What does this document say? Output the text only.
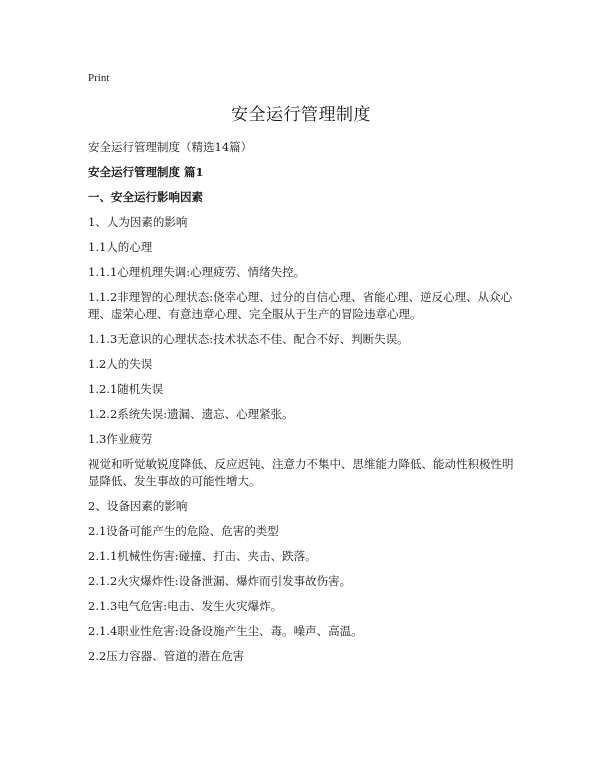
Print
安全运行管理制度

安全运行管理制度（精选14篇）

安全运行管理制度 篇1

一、安全运行影响因素

1、人为因素的影响

1.1人的心理

1.1.1心理机理失调:心理疲劳、情绪失控。

1.1.2非理智的心理状态:侥幸心理、过分的自信心理、省能心理、逆反心理、从众心理、虚荣心理、有意违章心理、完全服从于生产的冒险违章心理。

1.1.3无意识的心理状态:技术状态不佳、配合不好、判断失误。

1.2人的失误

1.2.1随机失误

1.2.2系统失误:遗漏、遗忘、心理紧张。

1.3作业疲劳

视觉和听觉敏锐度降低、反应迟钝、注意力不集中、思维能力降低、能动性积极性明显降低、发生事故的可能性增大。

2、设备因素的影响

2.1设备可能产生的危险、危害的类型

2.1.1机械性伤害:碰撞、打击、夹击、跌落。

2.1.2火灾爆炸性:设备泄漏、爆炸而引发事故伤害。

2.1.3电气危害:电击、发生火灾爆炸。

2.1.4职业性危害:设备设施产生尘、毒。噪声、高温。

2.2压力容器、管道的潜在危害
